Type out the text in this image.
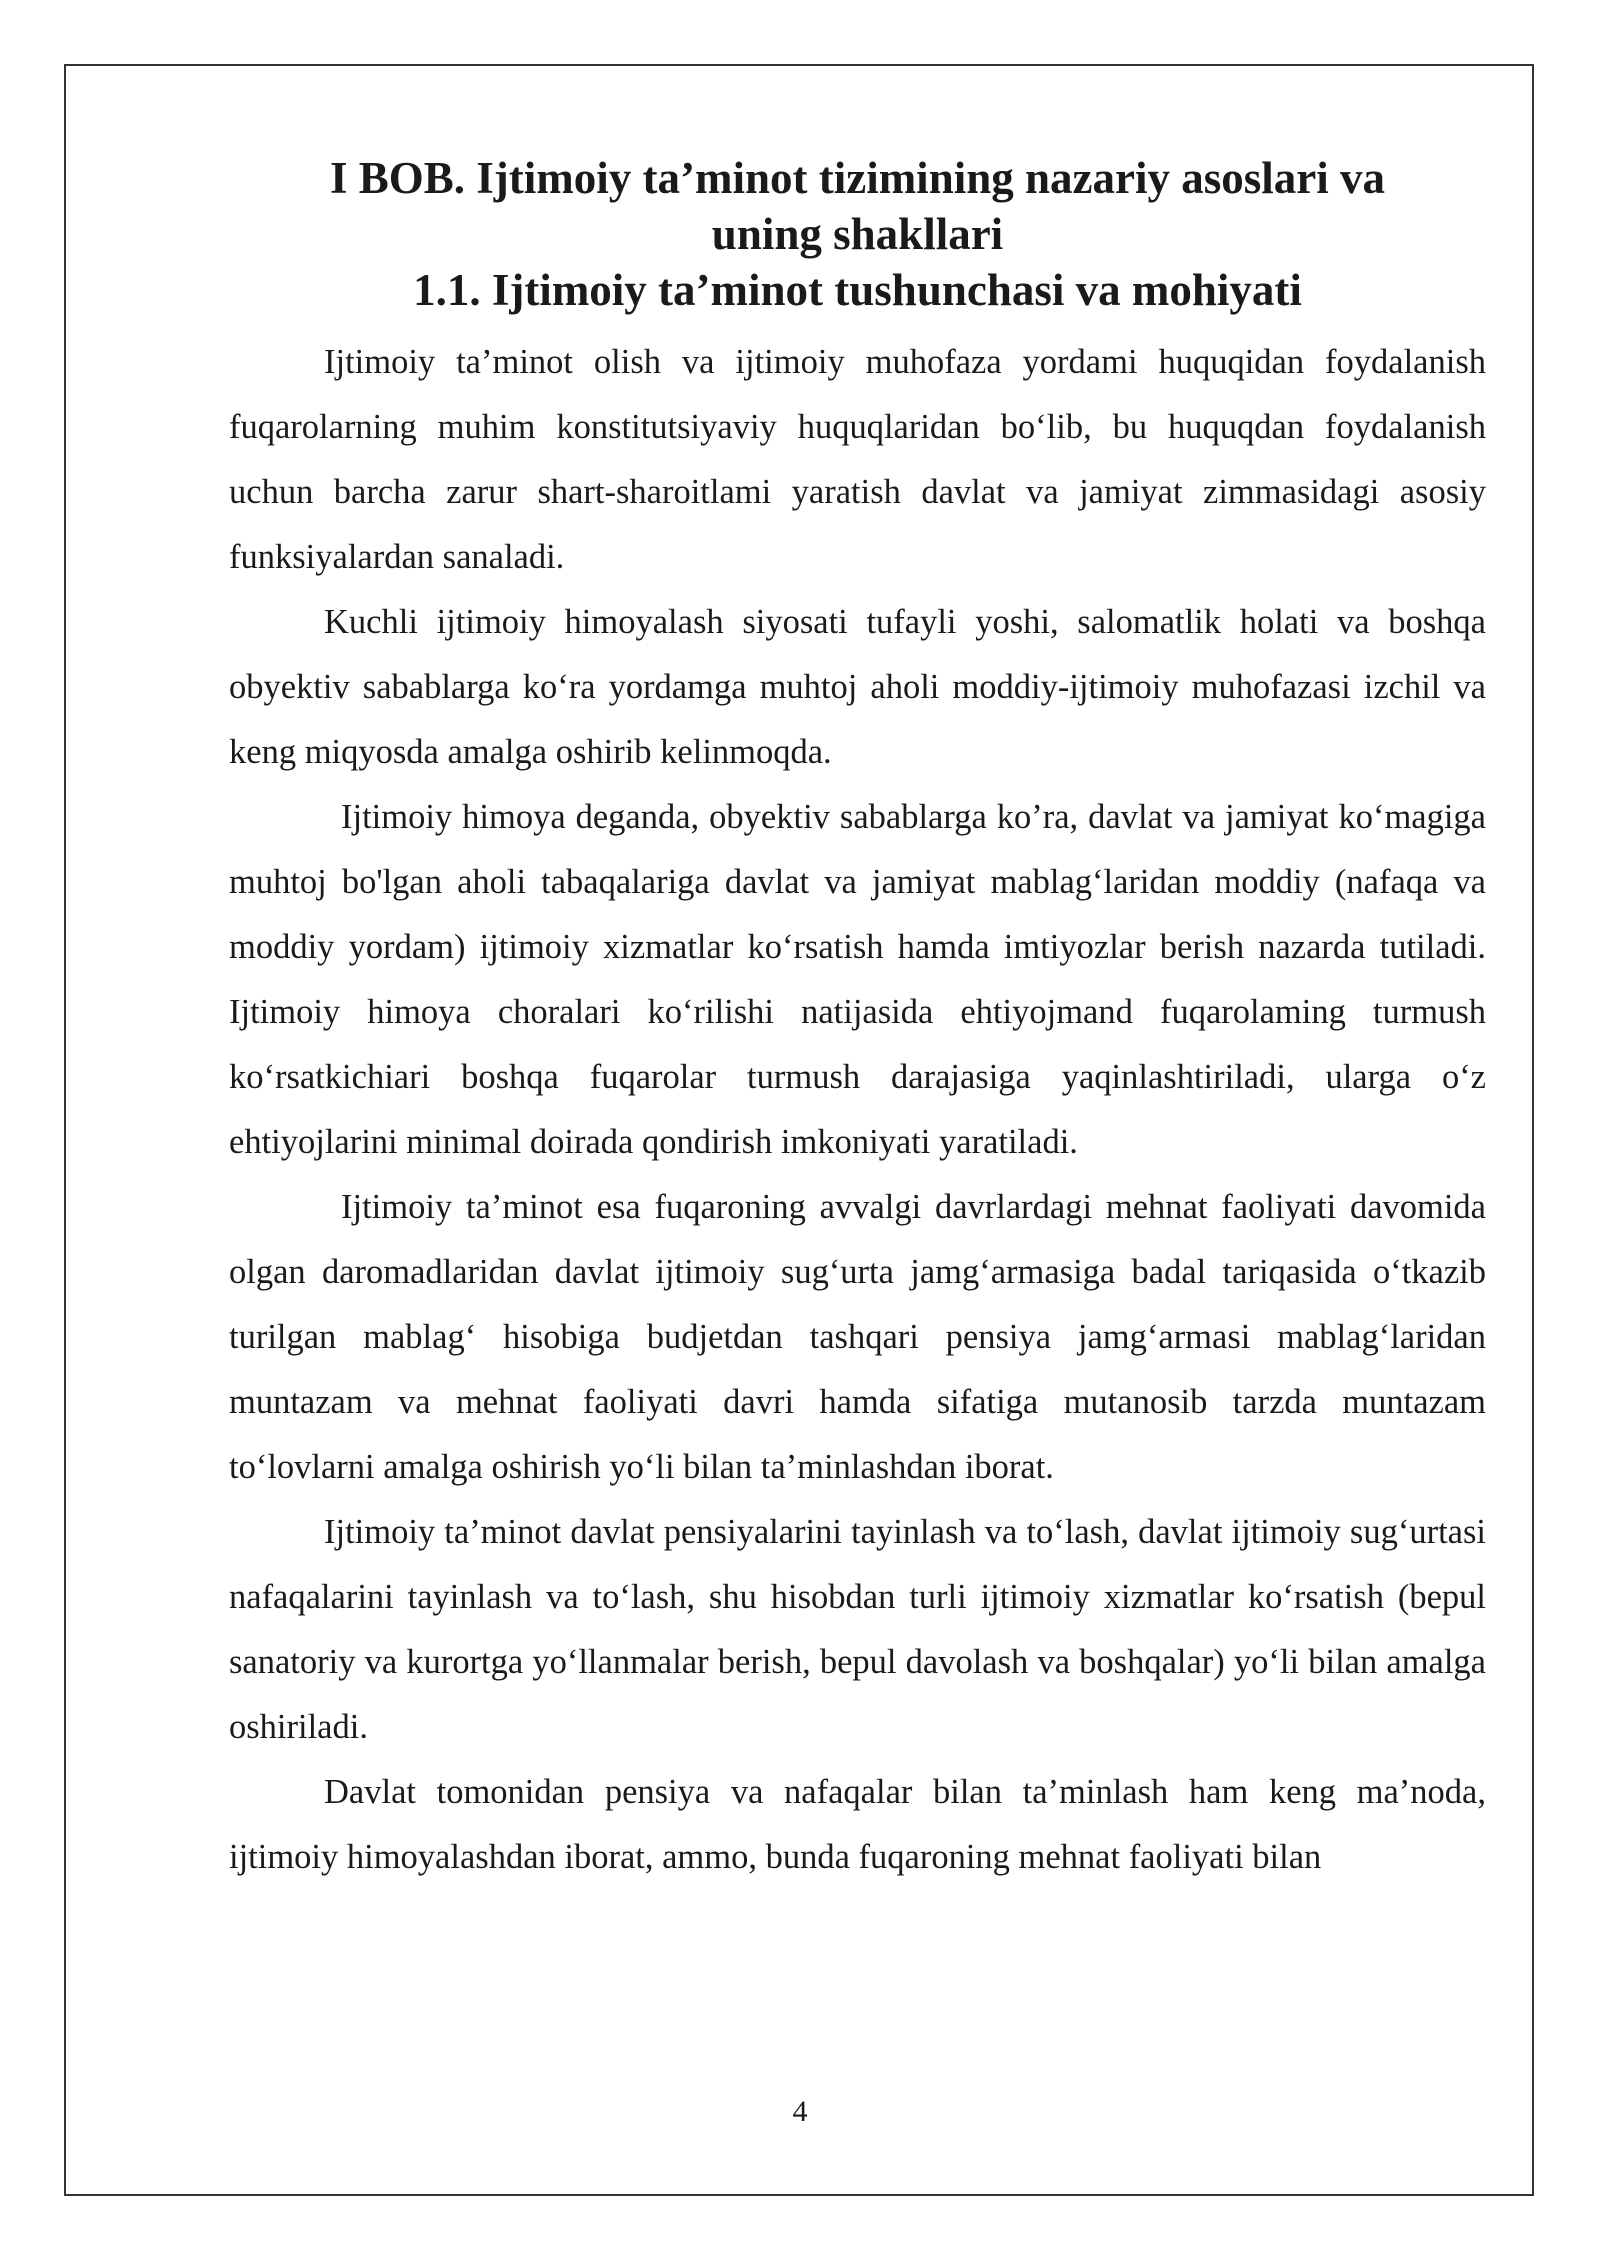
I BOB. Ijtimoiy ta’minot tizimining nazariy asoslari va
uning shakllari
1.1. Ijtimoiy ta’minot tushunchasi va mohiyati

Ijtimoiy ta’minot olish va ijtimoiy muhofaza yordami huquqidan foydalanish fuqarolarning muhim konstitutsiyaviy huquqlaridan bo‘lib, bu huquqdan foydalanish uchun barcha zarur shart-sharoitlami yaratish davlat va jamiyat zimmasidagi asosiy funksiyalardan sanaladi.

Kuchli ijtimoiy himoyalash siyosati tufayli yoshi, salomatlik holati va boshqa obyektiv sabablarga ko‘ra yordamga muhtoj aholi moddiy-ijtimoiy muhofazasi izchil va keng miqyosda amalga oshirib kelinmoqda.

Ijtimoiy himoya deganda, obyektiv sabablarga ko’ra, davlat va jamiyat ko‘magiga muhtoj bo'lgan aholi tabaqalariga davlat va jamiyat mablag‘laridan moddiy (nafaqa va moddiy yordam) ijtimoiy xizmatlar ko‘rsatish hamda imtiyozlar berish nazarda tutiladi. Ijtimoiy himoya choralari ko‘rilishi natijasida ehtiyojmand fuqarolaming turmush ko‘rsatkichiari boshqa fuqarolar turmush darajasiga yaqinlashtiriladi, ularga o‘z ehtiyojlarini minimal doirada qondirish imkoniyati yaratiladi.

Ijtimoiy ta’minot esa fuqaroning avvalgi davrlardagi mehnat faoliyati davomida olgan daromadlaridan davlat ijtimoiy sug‘urta jamg‘armasiga badal tariqasida o‘tkazib turilgan mablag‘ hisobiga budjetdan tashqari pensiya jamg‘armasi mablag‘laridan muntazam va mehnat faoliyati davri hamda sifatiga mutanosib tarzda muntazam to‘lovlarni amalga oshirish yo‘li bilan ta’minlashdan iborat.

Ijtimoiy ta’minot davlat pensiyalarini tayinlash va to‘lash, davlat ijtimoiy sug‘urtasi nafaqalarini tayinlash va to‘lash, shu hisobdan turli ijtimoiy xizmatlar ko‘rsatish (bepul sanatoriy va kurortga yo‘llanmalar berish, bepul davolash va boshqalar) yo‘li bilan amalga oshiriladi.

Davlat tomonidan pensiya va nafaqalar bilan ta’minlash ham keng ma’noda, ijtimoiy himoyalashdan iborat, ammo, bunda fuqaroning mehnat faoliyati bilan

4
